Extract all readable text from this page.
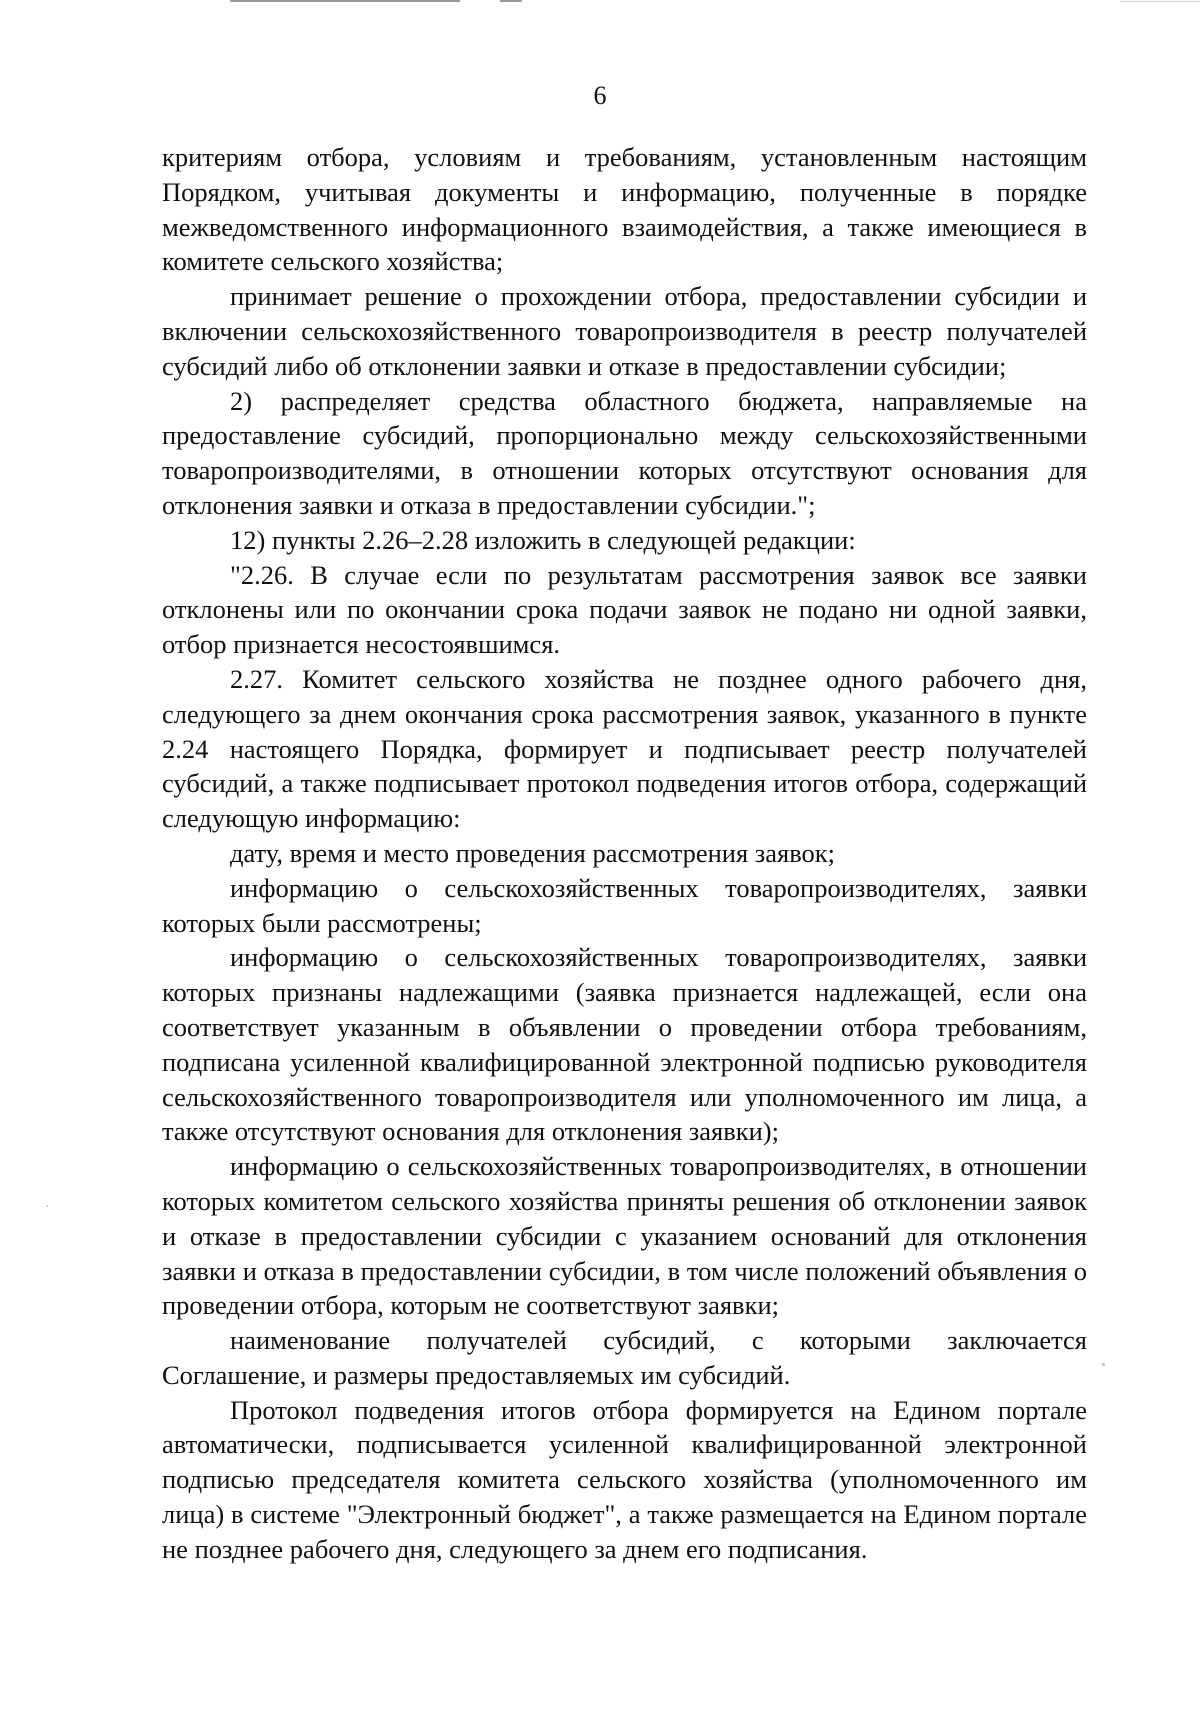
6

критериям отбора, условиям и требованиям, установленным настоящим Порядком, учитывая документы и информацию, полученные в порядке межведомственного информационного взаимодействия, а также имеющиеся в комитете сельского хозяйства;

принимает решение о прохождении отбора, предоставлении субсидии и включении сельскохозяйственного товаропроизводителя в реестр получателей субсидий либо об отклонении заявки и отказе в предоставлении субсидии;

2) распределяет средства областного бюджета, направляемые на предоставление субсидий, пропорционально между сельскохозяйственными товаропроизводителями, в отношении которых отсутствуют основания для отклонения заявки и отказа в предоставлении субсидии.";

12) пункты 2.26–2.28 изложить в следующей редакции:

"2.26. В случае если по результатам рассмотрения заявок все заявки отклонены или по окончании срока подачи заявок не подано ни одной заявки, отбор признается несостоявшимся.

2.27. Комитет сельского хозяйства не позднее одного рабочего дня, следующего за днем окончания срока рассмотрения заявок, указанного в пункте 2.24 настоящего Порядка, формирует и подписывает реестр получателей субсидий, а также подписывает протокол подведения итогов отбора, содержащий следующую информацию:

дату, время и место проведения рассмотрения заявок;

информацию о сельскохозяйственных товаропроизводителях, заявки которых были рассмотрены;

информацию о сельскохозяйственных товаропроизводителях, заявки которых признаны надлежащими (заявка признается надлежащей, если она соответствует указанным в объявлении о проведении отбора требованиям, подписана усиленной квалифицированной электронной подписью руководителя сельскохозяйственного товаропроизводителя или уполномоченного им лица, а также отсутствуют основания для отклонения заявки);

информацию о сельскохозяйственных товаропроизводителях, в отношении которых комитетом сельского хозяйства приняты решения об отклонении заявок и отказе в предоставлении субсидии с указанием оснований для отклонения заявки и отказа в предоставлении субсидии, в том числе положений объявления о проведении отбора, которым не соответствуют заявки;

наименование получателей субсидий, с которыми заключается Соглашение, и размеры предоставляемых им субсидий.

Протокол подведения итогов отбора формируется на Едином портале автоматически, подписывается усиленной квалифицированной электронной подписью председателя комитета сельского хозяйства (уполномоченного им лица) в системе "Электронный бюджет", а также размещается на Едином портале не позднее рабочего дня, следующего за днем его подписания.
